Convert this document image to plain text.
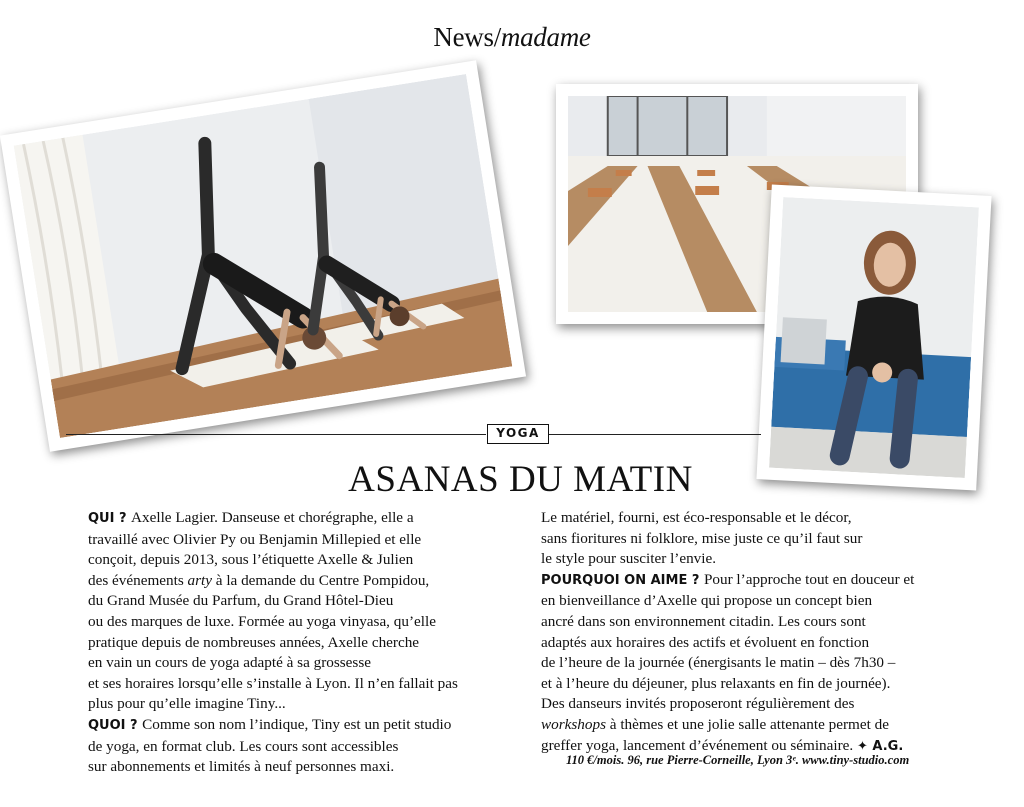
News/madame
YOGA
ASANAS DU MATIN

QUI ? Axelle Lagier. Danseuse et chorégraphe, elle a

travaillé avec Olivier Py ou Benjamin Millepied et elle

conçoit, depuis 2013, sous l’étiquette Axelle & Julien

des événements arty à la demande du Centre Pompidou,

du Grand Musée du Parfum, du Grand Hôtel-Dieu

ou des marques de luxe. Formée au yoga vinyasa, qu’elle

pratique depuis de nombreuses années, Axelle cherche

en vain un cours de yoga adapté à sa grossesse

et ses horaires lorsqu’elle s’installe à Lyon. Il n’en fallait pas

plus pour qu’elle imagine Tiny...

QUOI ? Comme son nom l’indique, Tiny est un petit studio

de yoga, en format club. Les cours sont accessibles

sur abonnements et limités à neuf personnes maxi.

Le matériel, fourni, est éco-responsable et le décor,

sans fioritures ni folklore, mise juste ce qu’il faut sur

le style pour susciter l’envie.

POURQUOI ON AIME ? Pour l’approche tout en douceur et

en bienveillance d’Axelle qui propose un concept bien

ancré dans son environnement citadin. Les cours sont

adaptés aux horaires des actifs et évoluent en fonction

de l’heure de la journée (énergisants le matin – dès 7h30 –

et à l’heure du déjeuner, plus relaxants en fin de journée).

Des danseurs invités proposeront régulièrement des

workshops à thèmes et une jolie salle attenante permet de

greffer yoga, lancement d’événement ou séminaire. ✦ A.G.

110 €/mois. 96, rue Pierre-Corneille, Lyon 3ᵉ. www.tiny-studio.com
